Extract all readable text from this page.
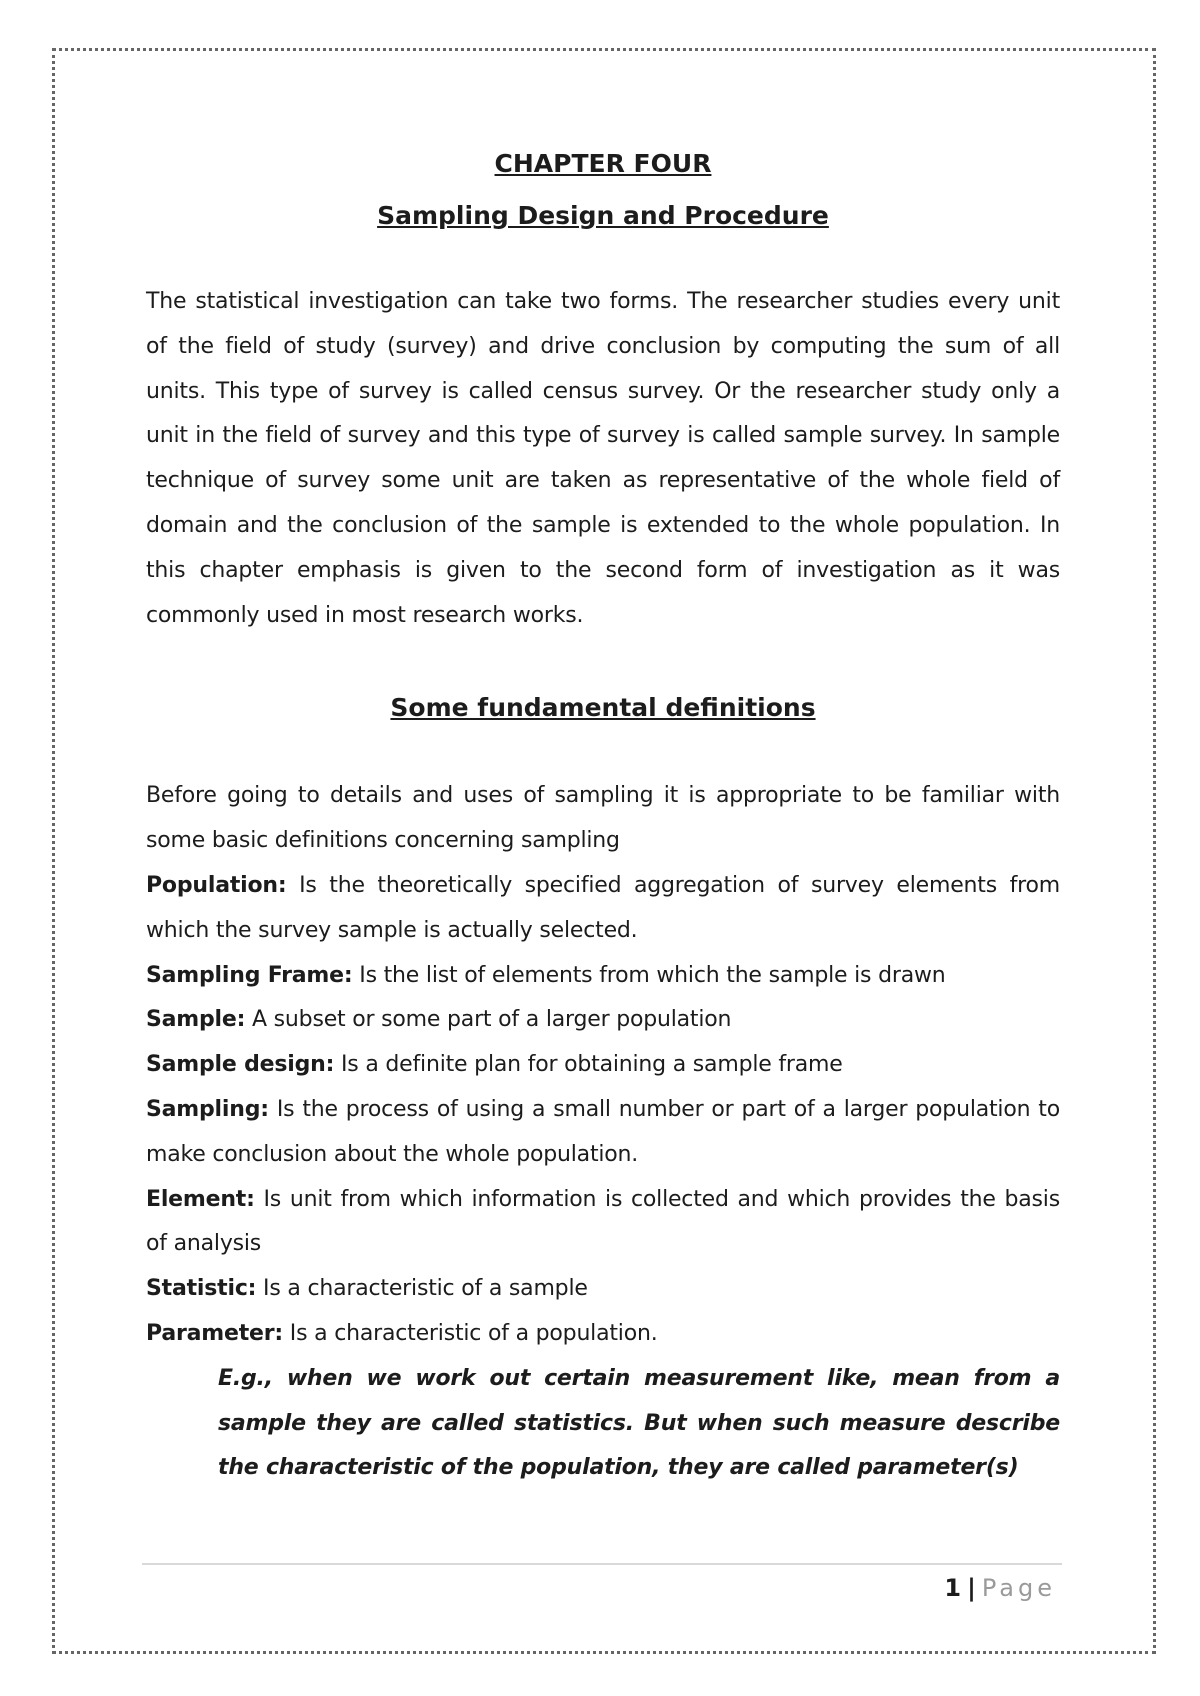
CHAPTER FOUR
Sampling Design and Procedure

The statistical investigation can take two forms. The researcher studies every unit of the field of study (survey) and drive conclusion by computing the sum of all units. This type of survey is called census survey. Or the researcher study only a unit in the field of survey and this type of survey is called sample survey. In sample technique of survey some unit are taken as representative of the whole field of domain and the conclusion of the sample is extended to the whole population. In this chapter emphasis is given to the second form of investigation as it was commonly used in most research works.

Some fundamental definitions

Before going to details and uses of sampling it is appropriate to be familiar with some basic definitions concerning sampling

Population: Is the theoretically specified aggregation of survey elements from which the survey sample is actually selected.

Sampling Frame: Is the list of elements from which the sample is drawn

Sample: A subset or some part of a larger population

Sample design: Is a definite plan for obtaining a sample frame

Sampling: Is the process of using a small number or part of a larger population to make conclusion about the whole population.

Element: Is unit from which information is collected and which provides the basis of analysis

Statistic: Is a characteristic of a sample

Parameter: Is a characteristic of a population.

E.g., when we work out certain measurement like, mean from a sample they are called statistics. But when such measure describe the characteristic of the population, they are called parameter(s)

1 | Page
